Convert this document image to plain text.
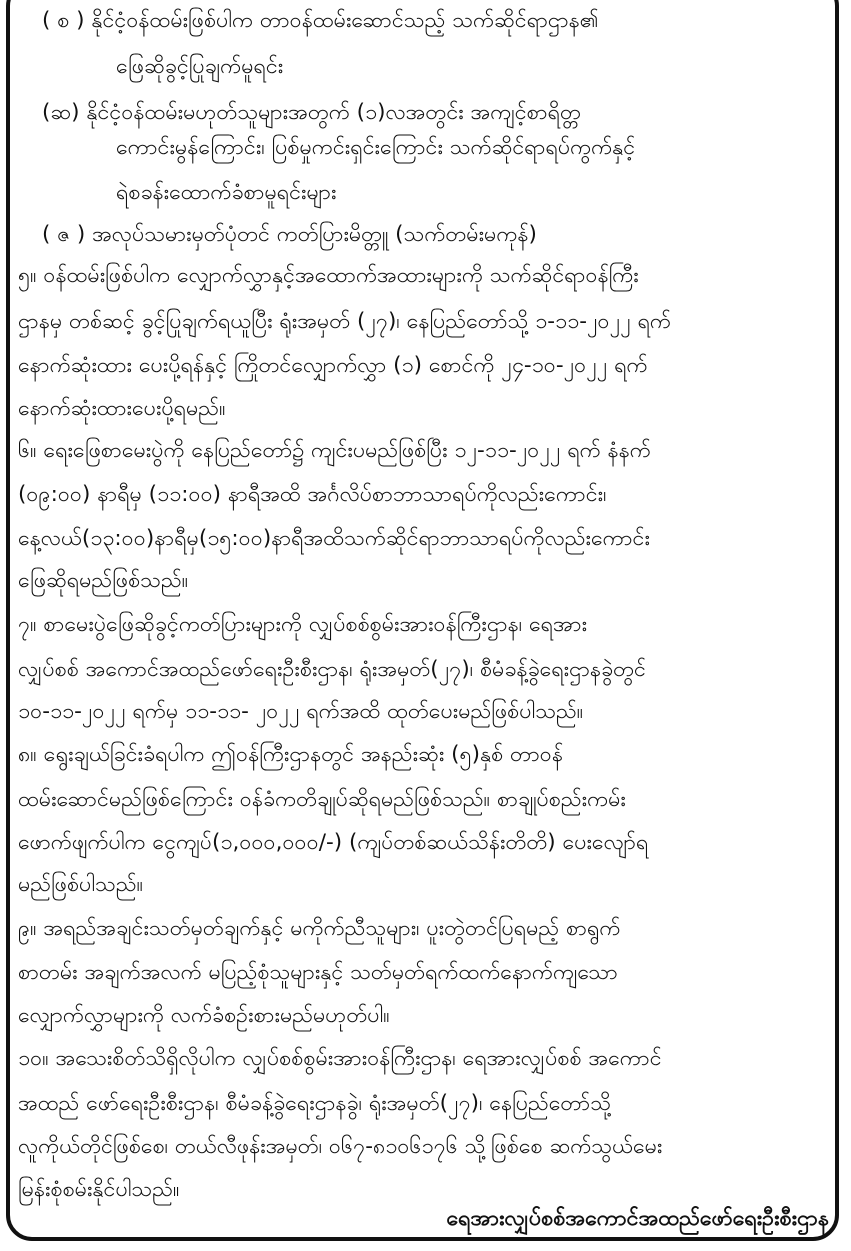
( စ ) နိုင်ငံ့ဝန်ထမ်းဖြစ်ပါက တာဝန်ထမ်းဆောင်သည့် သက်ဆိုင်ရာဌာန၏
ဖြေဆိုခွင့်ပြုချက်မူရင်း
(ဆ) နိုင်ငံ့ဝန်ထမ်းမဟုတ်သူများအတွက် (၁)လအတွင်း အကျင့်စာရိတ္တ
ကောင်းမွန်ကြောင်း၊ ပြစ်မှုကင်းရှင်းကြောင်း သက်ဆိုင်ရာရပ်ကွက်နှင့်
ရဲစခန်းထောက်ခံစာမူရင်းများ
( ဇ ) အလုပ်သမားမှတ်ပုံတင် ကတ်ပြားမိတ္တူ (သက်တမ်းမကုန်)
၅။ ဝန်ထမ်းဖြစ်ပါက လျှောက်လွှာနှင့်အထောက်အထားများကို သက်ဆိုင်ရာဝန်ကြီး
ဌာနမှ တစ်ဆင့် ခွင့်ပြုချက်ရယူပြီး ရုံးအမှတ် (၂၇)၊ နေပြည်တော်သို့ ၁-၁၁-၂၀၂၂ ရက်
နောက်ဆုံးထား ပေးပို့ရန်နှင့် ကြိုတင်လျှောက်လွှာ (၁) စောင်ကို ၂၄-၁၀-၂၀၂၂ ရက်
နောက်ဆုံးထားပေးပို့ရမည်။
၆။ ရေးဖြေစာမေးပွဲကို နေပြည်တော်၌ ကျင်းပမည်ဖြစ်ပြီး ၁၂-၁၁-၂၀၂၂ ရက် နံနက်
(၀၉:၀၀) နာရီမှ (၁၁:၀၀) နာရီအထိ အင်္ဂလိပ်စာဘာသာရပ်ကိုလည်းကောင်း၊
နေ့လယ်(၁၃:၀၀)နာရီမှ(၁၅:၀၀)နာရီအထိသက်ဆိုင်ရာဘာသာရပ်ကိုလည်းကောင်း
ဖြေဆိုရမည်ဖြစ်သည်။
၇။ စာမေးပွဲဖြေဆိုခွင့်ကတ်ပြားများကို လျှပ်စစ်စွမ်းအားဝန်ကြီးဌာန၊ ရေအား
လျှပ်စစ် အကောင်အထည်ဖော်ရေးဦးစီးဌာန၊ ရုံးအမှတ်(၂၇)၊ စီမံခန့်ခွဲရေးဌာနခွဲတွင်
၁၀-၁၁-၂၀၂၂ ရက်မှ ၁၁-၁၁- ၂၀၂၂ ရက်အထိ ထုတ်ပေးမည်ဖြစ်ပါသည်။
၈။ ရွေးချယ်ခြင်းခံရပါက ဤဝန်ကြီးဌာနတွင် အနည်းဆုံး (၅)နှစ် တာဝန်
ထမ်းဆောင်မည်ဖြစ်ကြောင်း ဝန်ခံကတိချုပ်ဆိုရမည်ဖြစ်သည်။ စာချုပ်စည်းကမ်း
ဖောက်ဖျက်ပါက ငွေကျပ်(၁,၀၀၀,၀၀၀/-) (ကျပ်တစ်ဆယ်သိန်းတိတိ) ပေးလျော်ရ
မည်ဖြစ်ပါသည်။
၉။ အရည်အချင်းသတ်မှတ်ချက်နှင့် မကိုက်ညီသူများ၊ ပူးတွဲတင်ပြရမည့် စာရွက်
စာတမ်း အချက်အလက် မပြည့်စုံသူများနှင့် သတ်မှတ်ရက်ထက်နောက်ကျသော
လျှောက်လွှာများကို လက်ခံစဉ်းစားမည်မဟုတ်ပါ။
၁၀။ အသေးစိတ်သိရှိလိုပါက လျှပ်စစ်စွမ်းအားဝန်ကြီးဌာန၊ ရေအားလျှပ်စစ် အကောင်
အထည် ဖော်ရေးဦးစီးဌာန၊ စီမံခန့်ခွဲရေးဌာနခွဲ၊ ရုံးအမှတ်(၂၇)၊ နေပြည်တော်သို့
လူကိုယ်တိုင်ဖြစ်စေ၊ တယ်လီဖုန်းအမှတ်၊ ၀၆၇-၈၁၀၆၁၇၆ သို့ဖြစ်စေ ဆက်သွယ်မေး
မြန်းစုံစမ်းနိုင်ပါသည်။
ရေအားလျှပ်စစ်အကောင်အထည်ဖော်ရေးဦးစီးဌာန
